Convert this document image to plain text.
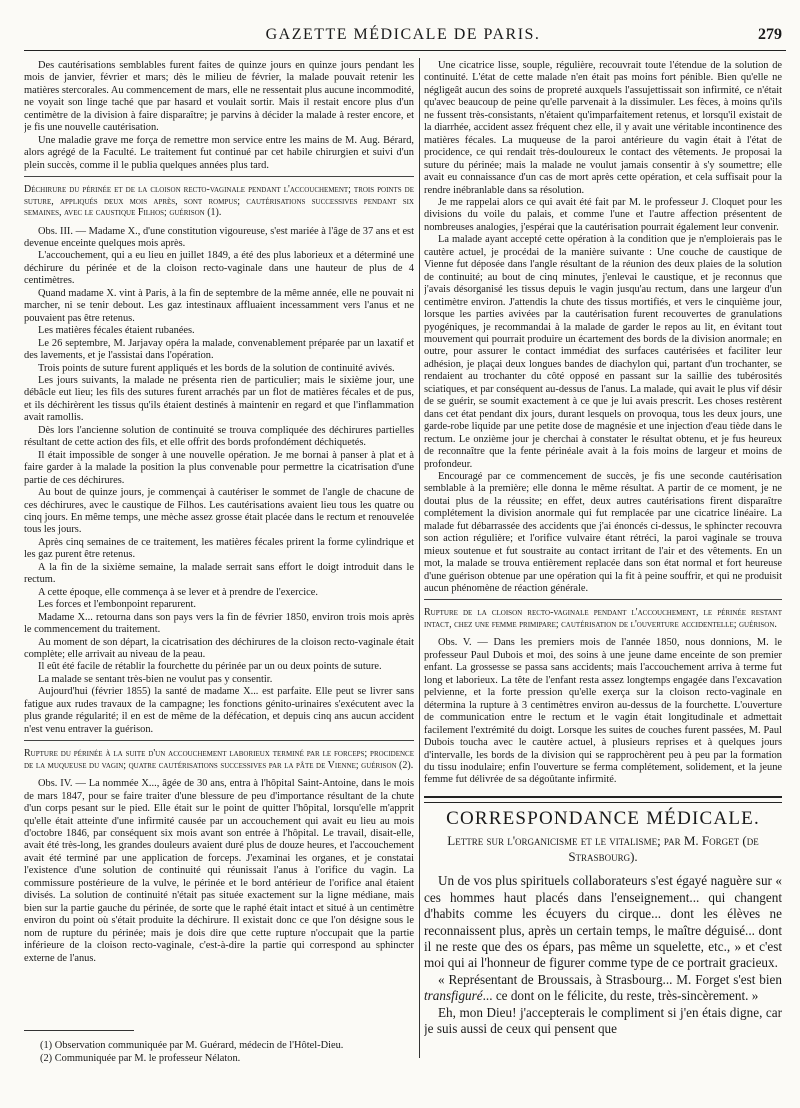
GAZETTE MÉDICALE DE PARIS.	279

Des cautérisations semblables furent faites de quinze jours en quinze jours pendant les mois de janvier, février et mars; dès le milieu de février, la malade pouvait retenir les matières stercorales. Au commencement de mars, elle ne ressentait plus aucune incommodité, ne voyait son linge taché que par hasard et voulait sortir. Mais il restait encore plus d'un centimètre de la division à faire disparaître; je parvins à décider la malade à rester encore, et je fis une nouvelle cautérisation.

Une maladie grave me força de remettre mon service entre les mains de M. Aug. Bérard, alors agrégé de la Faculté. Le traitement fut continué par cet habile chirurgien et suivi d'un plein succès, comme il le publia quelques années plus tard.

Déchirure du périnée et de la cloison recto-vaginale pendant l'accouchement; trois points de suture, appliqués deux mois après, sont rompus; cautérisations successives pendant six semaines, avec le caustique Filhos; guérison (1).

Obs. III. — Madame X., d'une constitution vigoureuse, s'est mariée à l'âge de 37 ans et est devenue enceinte quelques mois après.

L'accouchement, qui a eu lieu en juillet 1849, a été des plus laborieux et a déterminé une déchirure du périnée et de la cloison recto-vaginale dans une hauteur de plus de 4 centimètres.

Quand madame X. vint à Paris, à la fin de septembre de la même année, elle ne pouvait ni marcher, ni se tenir debout. Les gaz intestinaux affluaient incessamment vers l'anus et ne pouvaient pas être retenus.

Les matières fécales étaient rubanées.

Le 26 septembre, M. Jarjavay opéra la malade, convenablement préparée par un laxatif et des lavements, et je l'assistai dans l'opération.

Trois points de suture furent appliqués et les bords de la solution de continuité avivés.

Les jours suivants, la malade ne présenta rien de particulier; mais le sixième jour, une débâcle eut lieu; les fils des sutures furent arrachés par un flot de matières fécales et de pus, et ils déchirèrent les tissus qu'ils étaient destinés à maintenir en regard et que l'inflammation avait ramollis.

Dès lors l'ancienne solution de continuité se trouva compliquée des déchirures partielles résultant de cette action des fils, et elle offrit des bords profondément déchiquetés.

Il était impossible de songer à une nouvelle opération. Je me bornai à panser à plat et à faire garder à la malade la position la plus convenable pour permettre la cicatrisation d'une partie de ces déchirures.

Au bout de quinze jours, je commençai à cautériser le sommet de l'angle de chacune de ces déchirures, avec le caustique de Filhos. Les cautérisations avaient lieu tous les quatre ou cinq jours. En même temps, une mèche assez grosse était placée dans le rectum et renouvelée tous les jours.

Après cinq semaines de ce traitement, les matières fécales prirent la forme cylindrique et les gaz purent être retenus.

A la fin de la sixième semaine, la malade serrait sans effort le doigt introduit dans le rectum.

A cette époque, elle commença à se lever et à prendre de l'exercice.

Les forces et l'embonpoint reparurent.

Madame X... retourna dans son pays vers la fin de février 1850, environ trois mois après le commencement du traitement.

Au moment de son départ, la cicatrisation des déchirures de la cloison recto-vaginale était complète; elle arrivait au niveau de la peau.

Il eût été facile de rétablir la fourchette du périnée par un ou deux points de suture.

La malade se sentant très-bien ne voulut pas y consentir.

Aujourd'hui (février 1855) la santé de madame X... est parfaite. Elle peut se livrer sans fatigue aux rudes travaux de la campagne; les fonctions génito-urinaires s'exécutent avec la plus grande régularité; il en est de même de la défécation, et depuis cinq ans aucun accident n'est venu entraver la guérison.

Rupture du périnée à la suite d'un accouchement laborieux terminé par le forceps; procidence de la muqueuse du vagin; quatre cautérisations successives par la pâte de Vienne; guérison (2).

Obs. IV. — La nommée X..., âgée de 30 ans, entra à l'hôpital Saint-Antoine, dans le mois de mars 1847, pour se faire traiter d'une blessure de peu d'importance résultant de la chute d'un corps pesant sur le pied. Elle était sur le point de quitter l'hôpital, lorsqu'elle m'apprit qu'elle était atteinte d'une infirmité causée par un accouchement qui avait eu lieu au mois d'octobre 1846, par conséquent six mois avant son entrée à l'hôpital. Le travail, disait-elle, avait été très-long, les grandes douleurs avaient duré plus de douze heures, et l'accouchement avait été terminé par une application de forceps. J'examinai les organes, et je constatai l'existence d'une solution de continuité qui réunissait l'anus à l'orifice du vagin. La commissure postérieure de la vulve, le périnée et le bord antérieur de l'orifice anal étaient divisés. La solution de continuité n'était pas située exactement sur la ligne médiane, mais bien sur la partie gauche du périnée, de sorte que le raphé était intact et situé à un centimètre environ du point où s'était produite la déchirure. Il existait donc ce que l'on désigne sous le nom de rupture du périnée; mais je dois dire que cette rupture n'occupait que la partie inférieure de la cloison recto-vaginale, c'est-à-dire la partie qui correspond au sphincter externe de l'anus.

(1) Observation communiquée par M. Guérard, médecin de l'Hôtel-Dieu.

(2) Communiquée par M. le professeur Nélaton.

Une cicatrice lisse, souple, régulière, recouvrait toute l'étendue de la solution de continuité. L'état de cette malade n'en était pas moins fort pénible. Bien qu'elle ne négligeât aucun des soins de propreté auxquels l'assujettissait son infirmité, ce n'était qu'avec beaucoup de peine qu'elle parvenait à la dissimuler. Les fèces, à moins qu'ils ne fussent très-consistants, n'étaient qu'imparfaitement retenus, et lorsqu'il existait de la diarrhée, accident assez fréquent chez elle, il y avait une véritable incontinence des matières fécales. La muqueuse de la paroi antérieure du vagin était à l'état de procidence, ce qui rendait très-douloureux le contact des vêtements. Je proposai la suture du périnée; mais la malade ne voulut jamais consentir à s'y soumettre; elle avait eu connaissance d'un cas de mort après cette opération, et cela suffisait pour la rendre inébranlable dans sa résolution.

Je me rappelai alors ce qui avait été fait par M. le professeur J. Cloquet pour les divisions du voile du palais, et comme l'une et l'autre affection présentent de nombreuses analogies, j'espérai que la cautérisation pourrait également leur convenir.

La malade ayant accepté cette opération à la condition que je n'emploierais pas le cautère actuel, je procédai de la manière suivante : Une couche de caustique de Vienne fut déposée dans l'angle résultant de la réunion des deux plaies de la solution de continuité; au bout de cinq minutes, j'enlevai le caustique, et je reconnus que j'avais désorganisé les tissus depuis le vagin jusqu'au rectum, dans une largeur d'un centimètre environ. J'attendis la chute des tissus mortifiés, et vers le cinquième jour, lorsque les parties avivées par la cautérisation furent recouvertes de granulations pyogéniques, je recommandai à la malade de garder le repos au lit, en évitant tout mouvement qui pourrait produire un écartement des bords de la division anormale; en outre, pour assurer le contact immédiat des surfaces cautérisées et faciliter leur adhésion, je plaçai deux longues bandes de diachylon qui, partant d'un trochanter, se rendaient au trochanter du côté opposé en passant sur la saillie des tubérosités sciatiques, et par conséquent au-dessus de l'anus. La malade, qui avait le plus vif désir de se guérir, se soumit exactement à ce que je lui avais prescrit. Les choses restèrent dans cet état pendant dix jours, durant lesquels on provoqua, tous les deux jours, une garde-robe liquide par une petite dose de magnésie et une injection d'eau tiède dans le rectum. Le onzième jour je cherchai à constater le résultat obtenu, et je fus heureux de reconnaître que la fente périnéale avait à la fois moins de largeur et moins de profondeur.

Encouragé par ce commencement de succès, je fis une seconde cautérisation semblable à la première; elle donna le même résultat. A partir de ce moment, je ne doutai plus de la réussite; en effet, deux autres cautérisations firent disparaître complétement la division anormale qui fut remplacée par une cicatrice linéaire. La malade fut débarrassée des accidents que j'ai énoncés ci-dessus, le sphincter recouvra son action régulière; et l'orifice vulvaire étant rétréci, la paroi vaginale se trouva mieux soutenue et fut soustraite au contact irritant de l'air et des vêtements. En un mot, la malade se trouva entièrement replacée dans son état normal et fort heureuse d'une guérison obtenue par une opération qui la fit à peine souffrir, et qui ne produisit aucun phénomène de réaction générale.

Rupture de la cloison recto-vaginale pendant l'accouchement, le périnée restant intact, chez une femme primipare; cautérisation de l'ouverture accidentelle; guérison.

Obs. V. — Dans les premiers mois de l'année 1850, nous donnions, M. le professeur Paul Dubois et moi, des soins à une jeune dame enceinte de son premier enfant. La grossesse se passa sans accidents; mais l'accouchement arriva à terme fut long et laborieux. La tête de l'enfant resta assez longtemps engagée dans l'excavation pelvienne, et la forte pression qu'elle exerça sur la cloison recto-vaginale en détermina la rupture à 3 centimètres environ au-dessus de la fourchette. L'ouverture de communication entre le rectum et le vagin était longitudinale et admettait facilement l'extrémité du doigt. Lorsque les suites de couches furent passées, M. Paul Dubois toucha avec le cautère actuel, à plusieurs reprises et à quelques jours d'intervalle, les bords de la division qui se rapprochèrent peu à peu par la formation du tissu inodulaire; enfin l'ouverture se ferma complétement, solidement, et la jeune femme fut délivrée de sa dégoûtante infirmité.

CORRESPONDANCE MÉDICALE.
Lettre sur l'organicisme et le vitalisme; par M. Forget (de Strasbourg).

Un de vos plus spirituels collaborateurs s'est égayé naguère sur « ces hommes haut placés dans l'enseignement... qui changent d'habits comme les écuyers du cirque... dont les élèves ne reconnaissent plus, après un certain temps, le maître déguisé... dont il ne reste que des os épars, pas même un squelette, etc., » et c'est moi qui ai l'honneur de figurer comme type de ce portrait gracieux.

« Représentant de Broussais, à Strasbourg... M. Forget s'est bien transfiguré... ce dont on le félicite, du reste, très-sincèrement. »

Eh, mon Dieu! j'accepterais le compliment si j'en étais digne, car je suis aussi de ceux qui pensent que
